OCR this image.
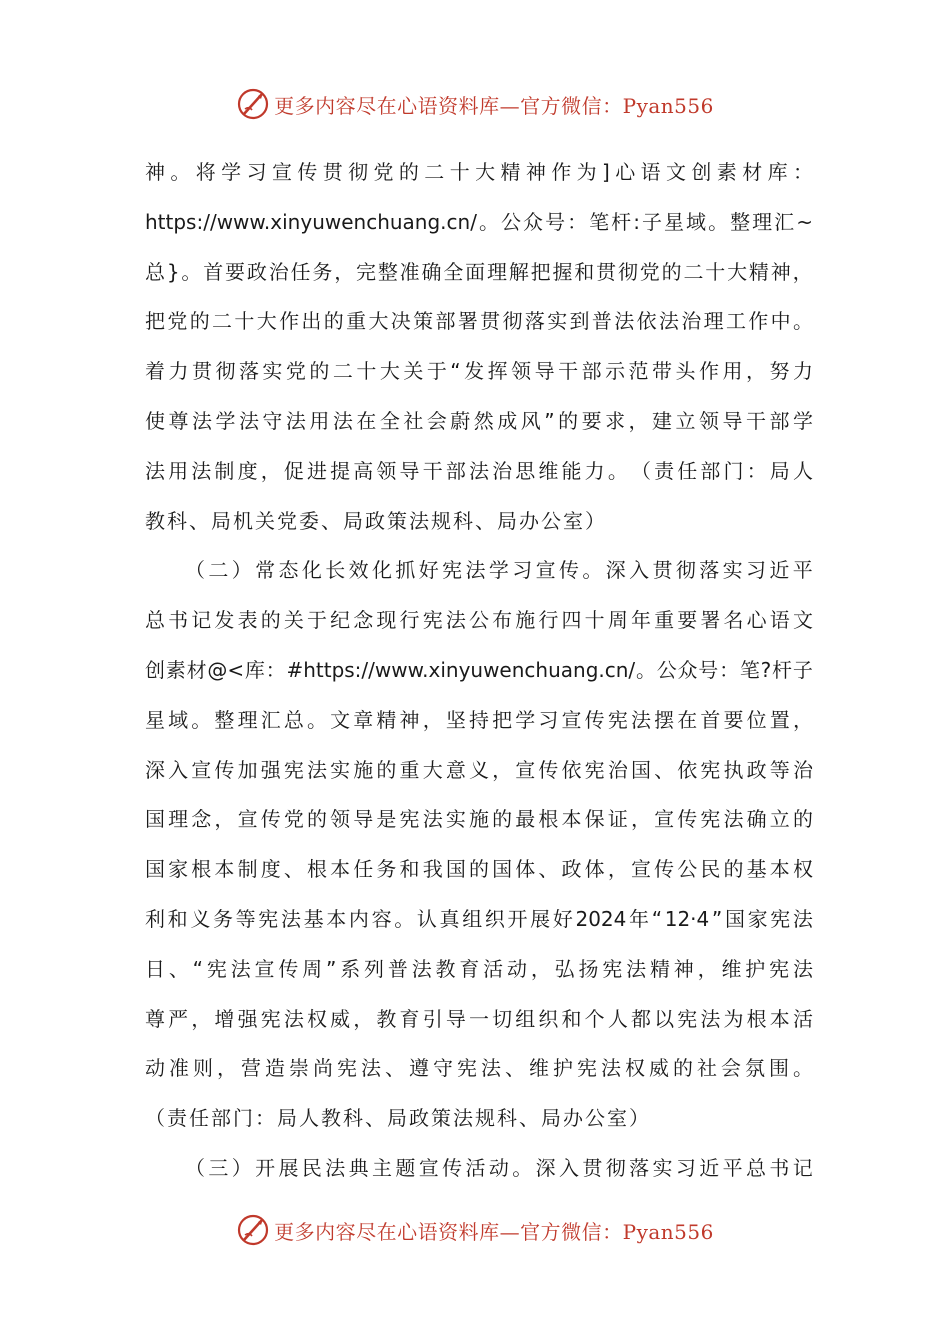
更多内容尽在心语资料库—官方微信：Pyan556
神 。 将 学 习 宣 传 贯 彻 党 的 二 十 大 精 神 作 为 ] 心 语 文 创 素 材 库 ：
https://www.xinyuwenchuang.cn/ 。 公 众 号 ： 笔 杆 : 子 星 域 。 整 理 汇 ~
总 } 。 首 要 政 治 任 务 ， 完 整 准 确 全 面 理 解 把 握 和 贯 彻 党 的 二 十 大 精 神 ，
把 党 的 二 十 大 作 出 的 重 大 决 策 部 署 贯 彻 落 实 到 普 法 依 法 治 理 工 作 中 。
着 力 贯 彻 落 实 党 的 二 十 大 关 于 “ 发 挥 领 导 干 部 示 范 带 头 作 用 ， 努 力
使 尊 法 学 法 守 法 用 法 在 全 社 会 蔚 然 成 风 ” 的 要 求 ， 建 立 领 导 干 部 学
法 用 法 制 度 ， 促 进 提 高 领 导 干 部 法 治 思 维 能 力 。 （ 责 任 部 门 ： 局 人
教科、局机关党委、局政策法规科、局办公室）
（ 二 ） 常 态 化 长 效 化 抓 好 宪 法 学 习 宣 传 。 深 入 贯 彻 落 实 习 近 平
总 书 记 发 表 的 关 于 纪 念 现 行 宪 法 公 布 施 行 四 十 周 年 重 要 署 名 心 语 文
创 素 材 @< 库 ： #https://www.xinyuwenchuang.cn/ 。 公 众 号 ： 笔 ? 杆 子
星 域 。 整 理 汇 总 。 文 章 精 神 ， 坚 持 把 学 习 宣 传 宪 法 摆 在 首 要 位 置 ，
深 入 宣 传 加 强 宪 法 实 施 的 重 大 意 义 ， 宣 传 依 宪 治 国 、 依 宪 执 政 等 治
国 理 念 ， 宣 传 党 的 领 导 是 宪 法 实 施 的 最 根 本 保 证 ， 宣 传 宪 法 确 立 的
国 家 根 本 制 度 、 根 本 任 务 和 我 国 的 国 体 、 政 体 ， 宣 传 公 民 的 基 本 权
利 和 义 务 等 宪 法 基 本 内 容 。 认 真 组 织 开 展 好 2024 年 “ 12·4 ” 国 家 宪 法
日 、 “ 宪 法 宣 传 周 ” 系 列 普 法 教 育 活 动 ， 弘 扬 宪 法 精 神 ， 维 护 宪 法
尊 严 ， 增 强 宪 法 权 威 ， 教 育 引 导 一 切 组 织 和 个 人 都 以 宪 法 为 根 本 活
动 准 则 ， 营 造 崇 尚 宪 法 、 遵 守 宪 法 、 维 护 宪 法 权 威 的 社 会 氛 围 。
（责任部门：局人教科、局政策法规科、局办公室）
（ 三 ） 开 展 民 法 典 主 题 宣 传 活 动 。 深 入 贯 彻 落 实 习 近 平 总 书 记
更多内容尽在心语资料库—官方微信：Pyan556
